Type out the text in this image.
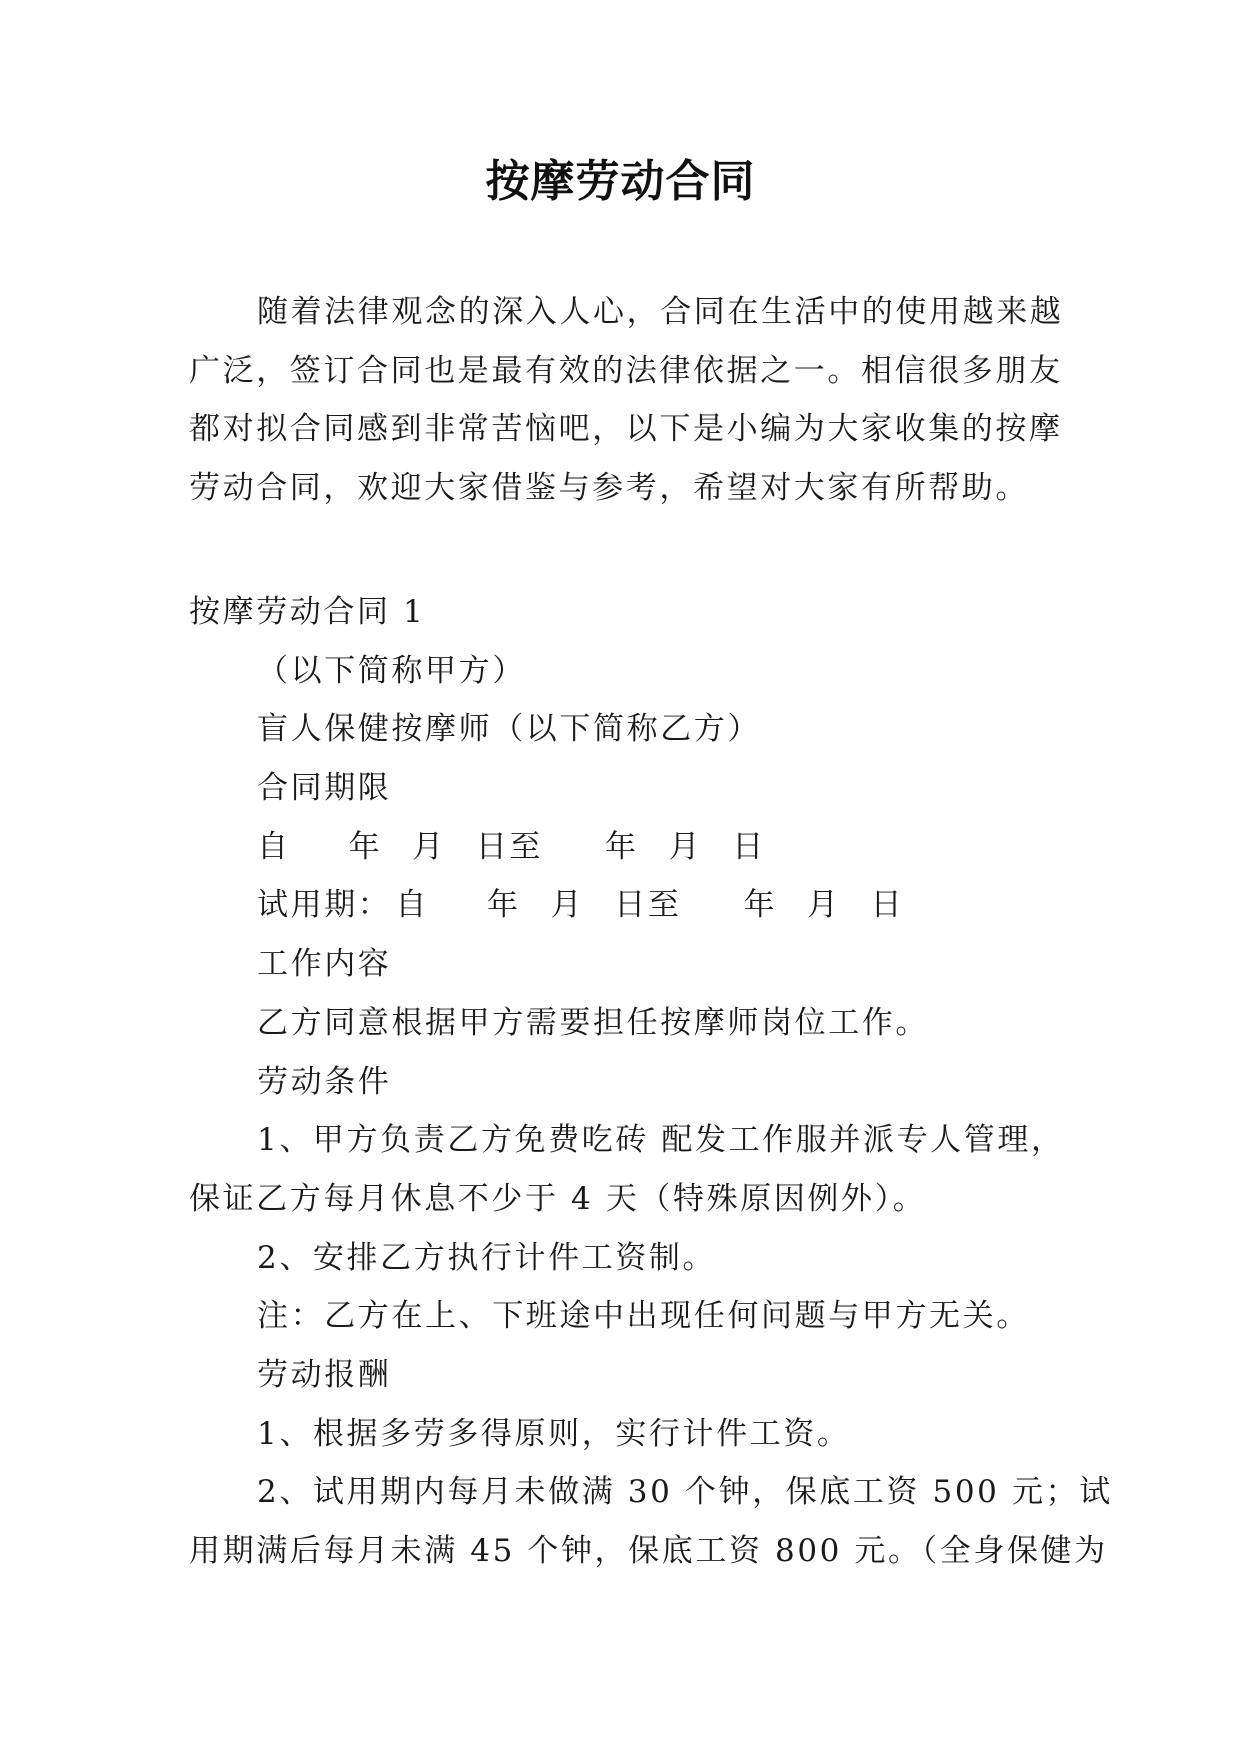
按摩劳动合同
随着法律观念的深入人心，合同在生活中的使用越来越
广泛，签订合同也是最有效的法律依据之一。相信很多朋友
都对拟合同感到非常苦恼吧，以下是小编为大家收集的按摩
劳动合同，欢迎大家借鉴与参考，希望对大家有所帮助。
按摩劳动合同 1
（以下简称甲方）
盲人保健按摩师（以下简称乙方）
合同期限
自 年 月 日至 年 月 日
试用期： 自 年 月 日至 年 月 日
工作内容
乙方同意根据甲方需要担任按摩师岗位工作。
劳动条件
1、甲方负责乙方免费吃砖 配发工作服并派专人管理，
保证乙方每月休息不少于 4 天（特殊原因例外）。
2、安排乙方执行计件工资制。
注：乙方在上、下班途中出现任何问题与甲方无关。
劳动报酬
1、根据多劳多得原则，实行计件工资。
2、试用期内每月未做满 30 个钟，保底工资 500 元；试
用期满后每月未满 45 个钟，保底工资 800 元。（全身保健为
